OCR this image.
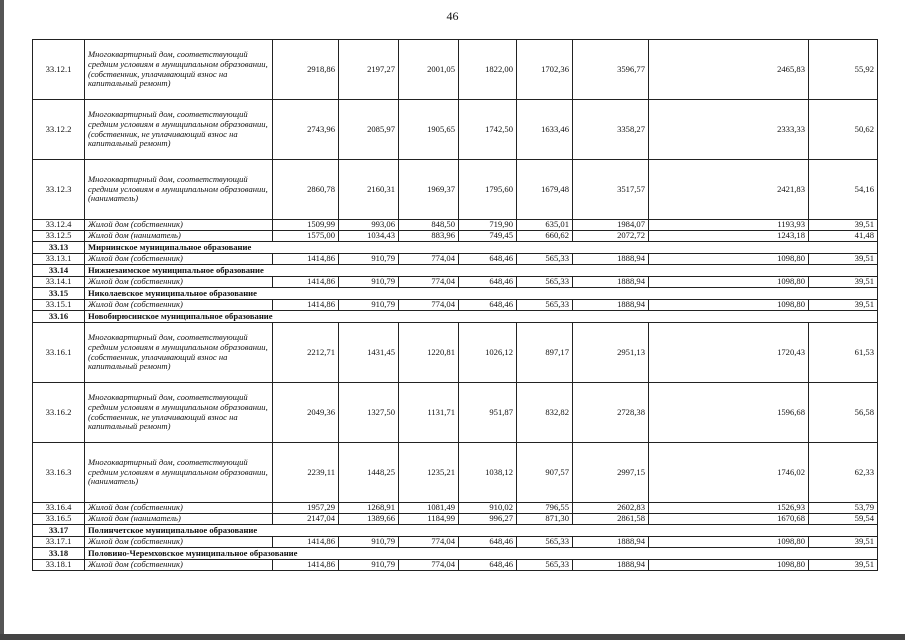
46
33.12.1	Многоквартирный дом, соответствующий средним условиям в муниципальном образовании, (собственник, уплачивающий взнос на капитальный ремонт)	2918,86	2197,27	2001,05	1822,00	1702,36	3596,77	2465,83	55,92
33.12.2	Многоквартирный дом, соответствующий средним условиям в муниципальном образовании, (собственник, не уплачивающий взнос на капитальный ремонт)	2743,96	2085,97	1905,65	1742,50	1633,46	3358,27	2333,33	50,62
33.12.3	Многоквартирный дом, соответствующий средним условиям в муниципальном образовании, (наниматель)	2860,78	2160,31	1969,37	1795,60	1679,48	3517,57	2421,83	54,16
33.12.4	Жилой дом (собственник)	1509,99	993,06	848,50	719,90	635,01	1984,07	1193,93	39,51
33.12.5	Жилой дом (наниматель)	1575,00	1034,43	883,96	749,45	660,62	2072,72	1243,18	41,48
33.13	Мирнинское муниципальное образование								
33.13.1	Жилой дом (собственник)	1414,86	910,79	774,04	648,46	565,33	1888,94	1098,80	39,51
33.14	Нижнезаимское муниципальное образование								
33.14.1	Жилой дом (собственник)	1414,86	910,79	774,04	648,46	565,33	1888,94	1098,80	39,51
33.15	Николаевское муниципальное образование								
33.15.1	Жилой дом (собственник)	1414,86	910,79	774,04	648,46	565,33	1888,94	1098,80	39,51
33.16	Новобирюсинское муниципальное образование								
33.16.1	Многоквартирный дом, соответствующий средним условиям в муниципальном образовании, (собственник, уплачивающий взнос на капитальный ремонт)	2212,71	1431,45	1220,81	1026,12	897,17	2951,13	1720,43	61,53
33.16.2	Многоквартирный дом, соответствующий средним условиям в муниципальном образовании, (собственник, не уплачивающий взнос на капитальный ремонт)	2049,36	1327,50	1131,71	951,87	832,82	2728,38	1596,68	56,58
33.16.3	Многоквартирный дом, соответствующий средним условиям в муниципальном образовании, (наниматель)	2239,11	1448,25	1235,21	1038,12	907,57	2997,15	1746,02	62,33
33.16.4	Жилой дом (собственник)	1957,29	1268,91	1081,49	910,02	796,55	2602,83	1526,93	53,79
33.16.5	Жилой дом (наниматель)	2147,04	1389,66	1184,99	996,27	871,30	2861,58	1670,68	59,54
33.17	Полинчетское муниципальное образование								
33.17.1	Жилой дом (собственник)	1414,86	910,79	774,04	648,46	565,33	1888,94	1098,80	39,51
33.18	Половино-Черемховское муниципальное образование								
33.18.1	Жилой дом (собственник)	1414,86	910,79	774,04	648,46	565,33	1888,94	1098,80	39,51
